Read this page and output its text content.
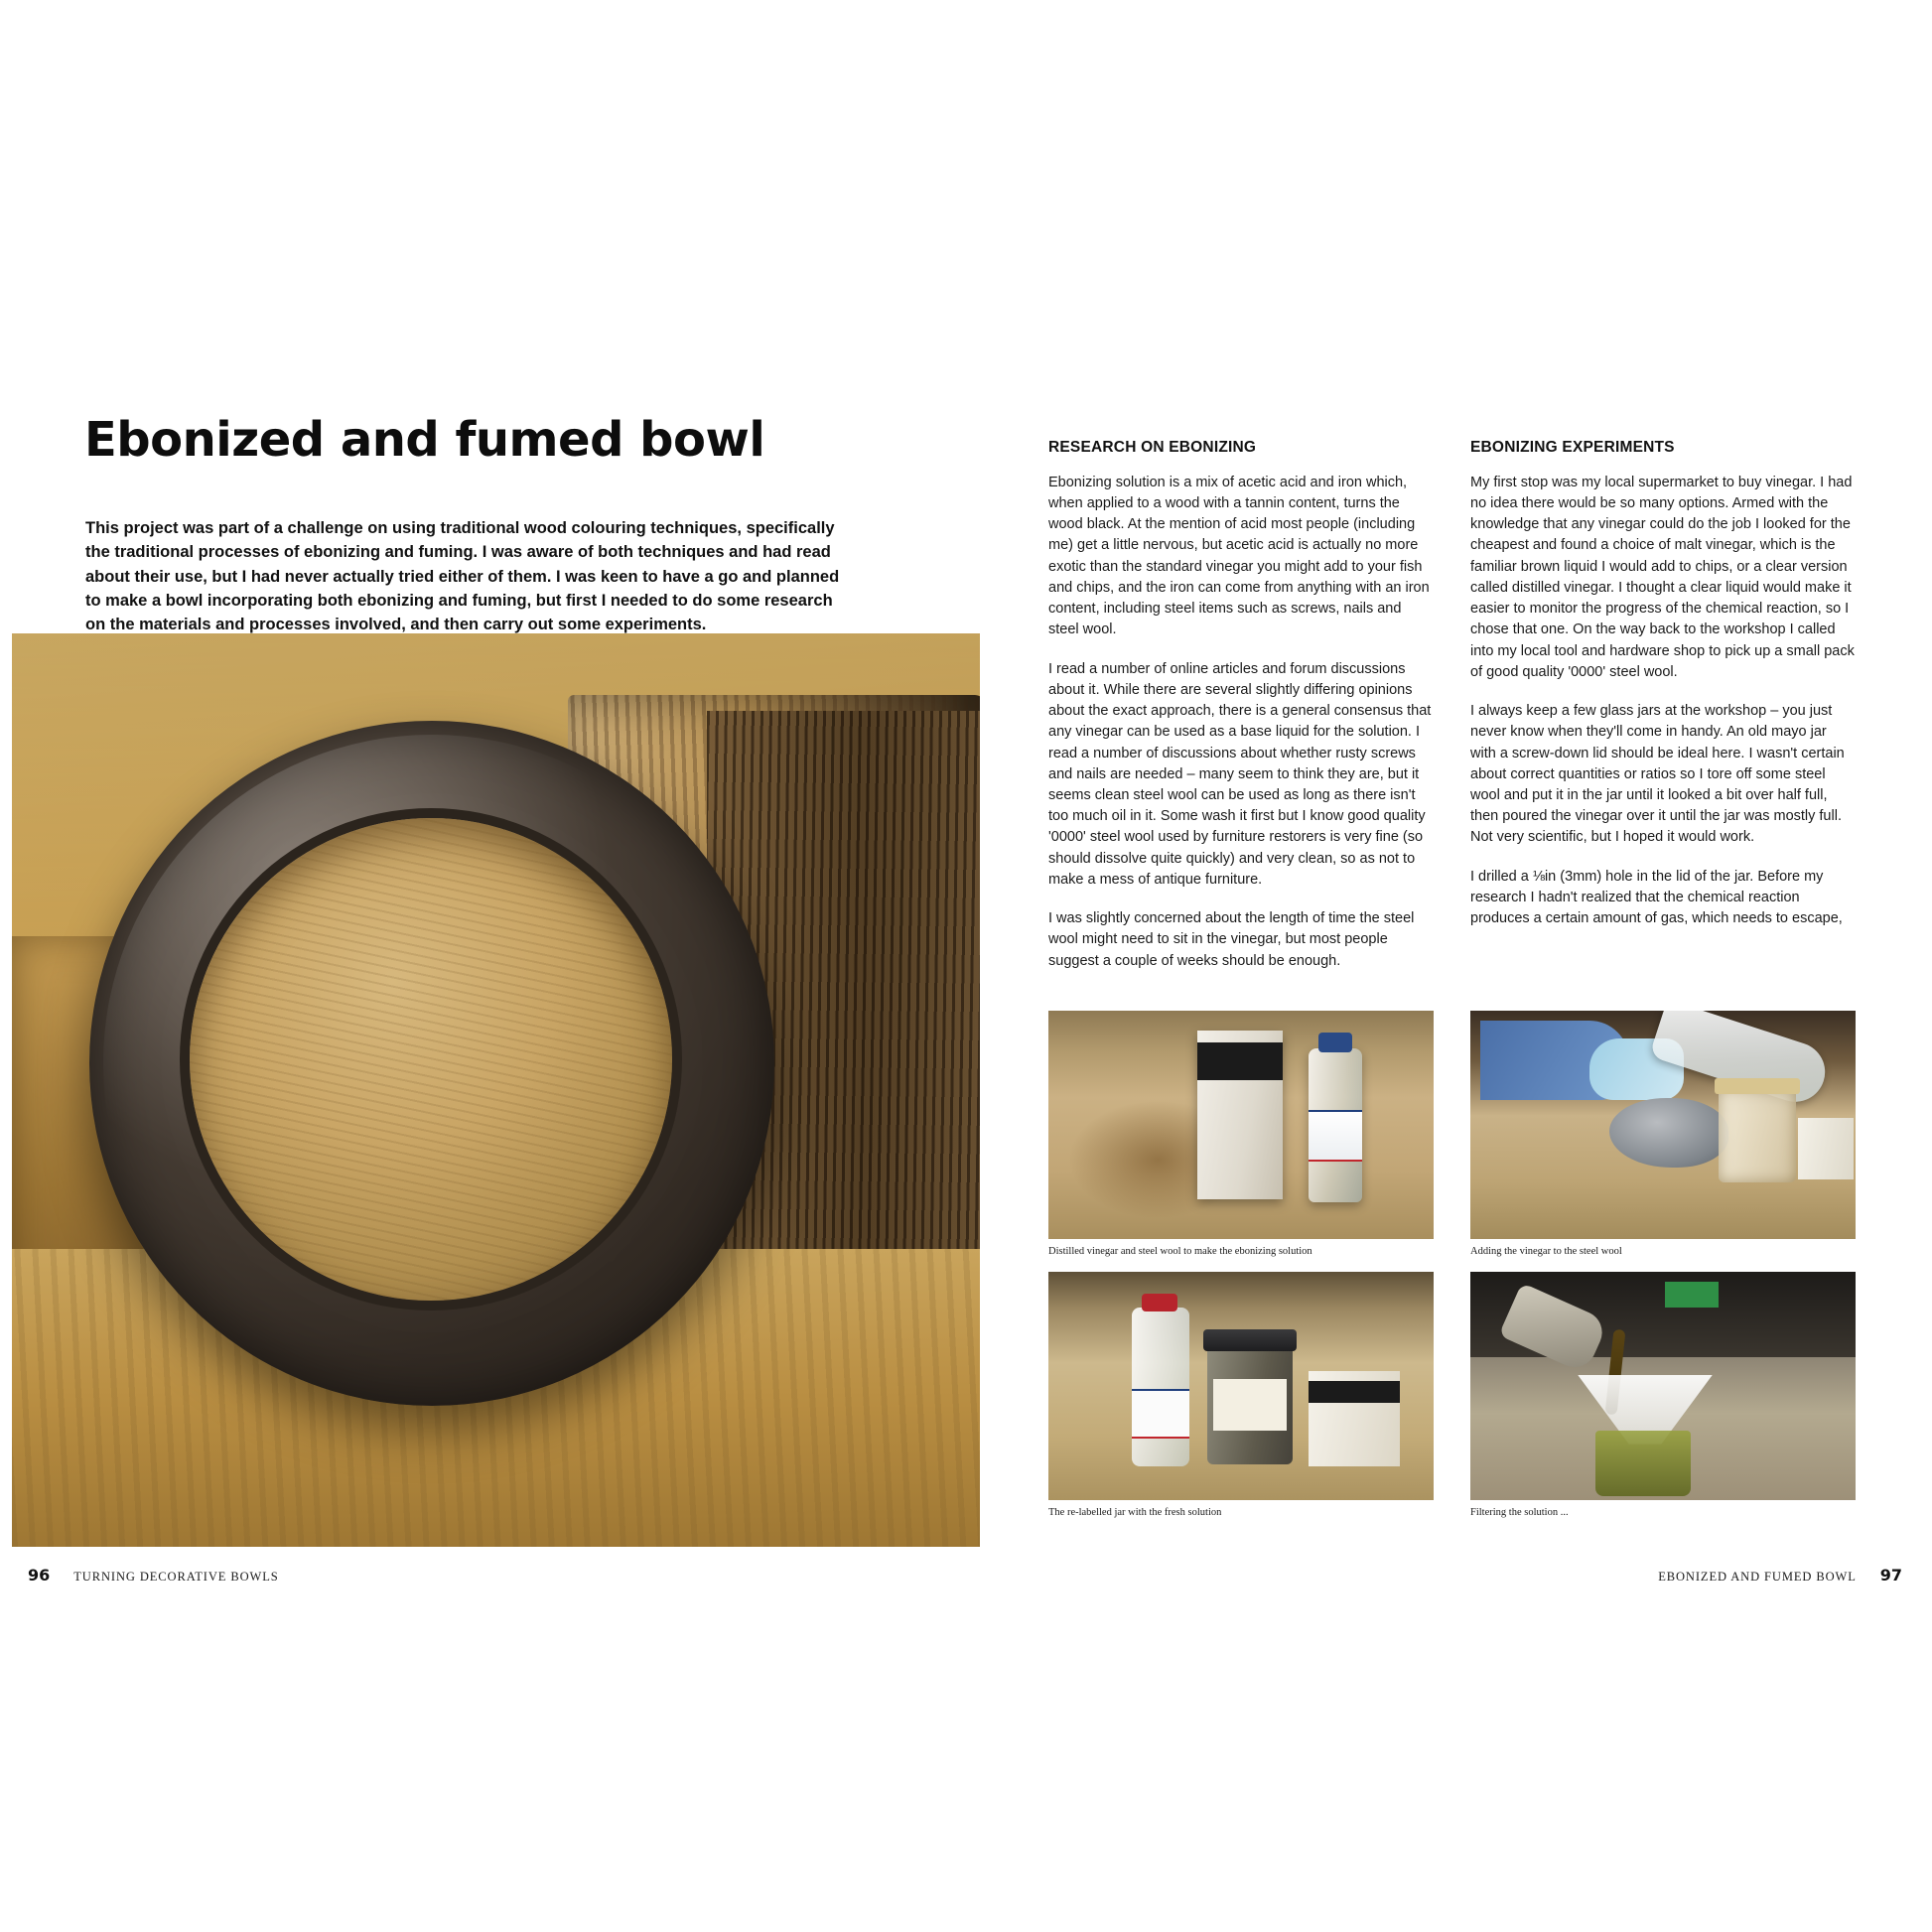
Ebonized and fumed bowl
This project was part of a challenge on using traditional wood colouring techniques, specifically the traditional processes of ebonizing and fuming. I was aware of both techniques and had read about their use, but I had never actually tried either of them. I was keen to have a go and planned to make a bowl incorporating both ebonizing and fuming, but first I needed to do some research on the materials and processes involved, and then carry out some experiments.
96 TURNING DECORATIVE BOWLS
RESEARCH ON EBONIZING

Ebonizing solution is a mix of acetic acid and iron which, when applied to a wood with a tannin content, turns the wood black. At the mention of acid most people (including me) get a little nervous, but acetic acid is actually no more exotic than the standard vinegar you might add to your fish and chips, and the iron can come from anything with an iron content, including steel items such as screws, nails and steel wool.

I read a number of online articles and forum discussions about it. While there are several slightly differing opinions about the exact approach, there is a general consensus that any vinegar can be used as a base liquid for the solution. I read a number of discussions about whether rusty screws and nails are needed – many seem to think they are, but it seems clean steel wool can be used as long as there isn't too much oil in it. Some wash it first but I know good quality '0000' steel wool used by furniture restorers is very fine (so should dissolve quite quickly) and very clean, so as not to make a mess of antique furniture.

I was slightly concerned about the length of time the steel wool might need to sit in the vinegar, but most people suggest a couple of weeks should be enough.

EBONIZING EXPERIMENTS

My first stop was my local supermarket to buy vinegar. I had no idea there would be so many options. Armed with the knowledge that any vinegar could do the job I looked for the cheapest and found a choice of malt vinegar, which is the familiar brown liquid I would add to chips, or a clear version called distilled vinegar. I thought a clear liquid would make it easier to monitor the progress of the chemical reaction, so I chose that one. On the way back to the workshop I called into my local tool and hardware shop to pick up a small pack of good quality '0000' steel wool.

I always keep a few glass jars at the workshop – you just never know when they'll come in handy. An old mayo jar with a screw-down lid should be ideal here. I wasn't certain about correct quantities or ratios so I tore off some steel wool and put it in the jar until it looked a bit over half full, then poured the vinegar over it until the jar was mostly full. Not very scientific, but I hoped it would work.

I drilled a ⅛in (3mm) hole in the lid of the jar. Before my research I hadn't realized that the chemical reaction produces a certain amount of gas, which needs to escape,

Distilled vinegar and steel wool to make the ebonizing solution	Adding the vinegar to the steel wool
The re-labelled jar with the fresh solution	Filtering the solution ...
EBONIZED AND FUMED BOWL 97
